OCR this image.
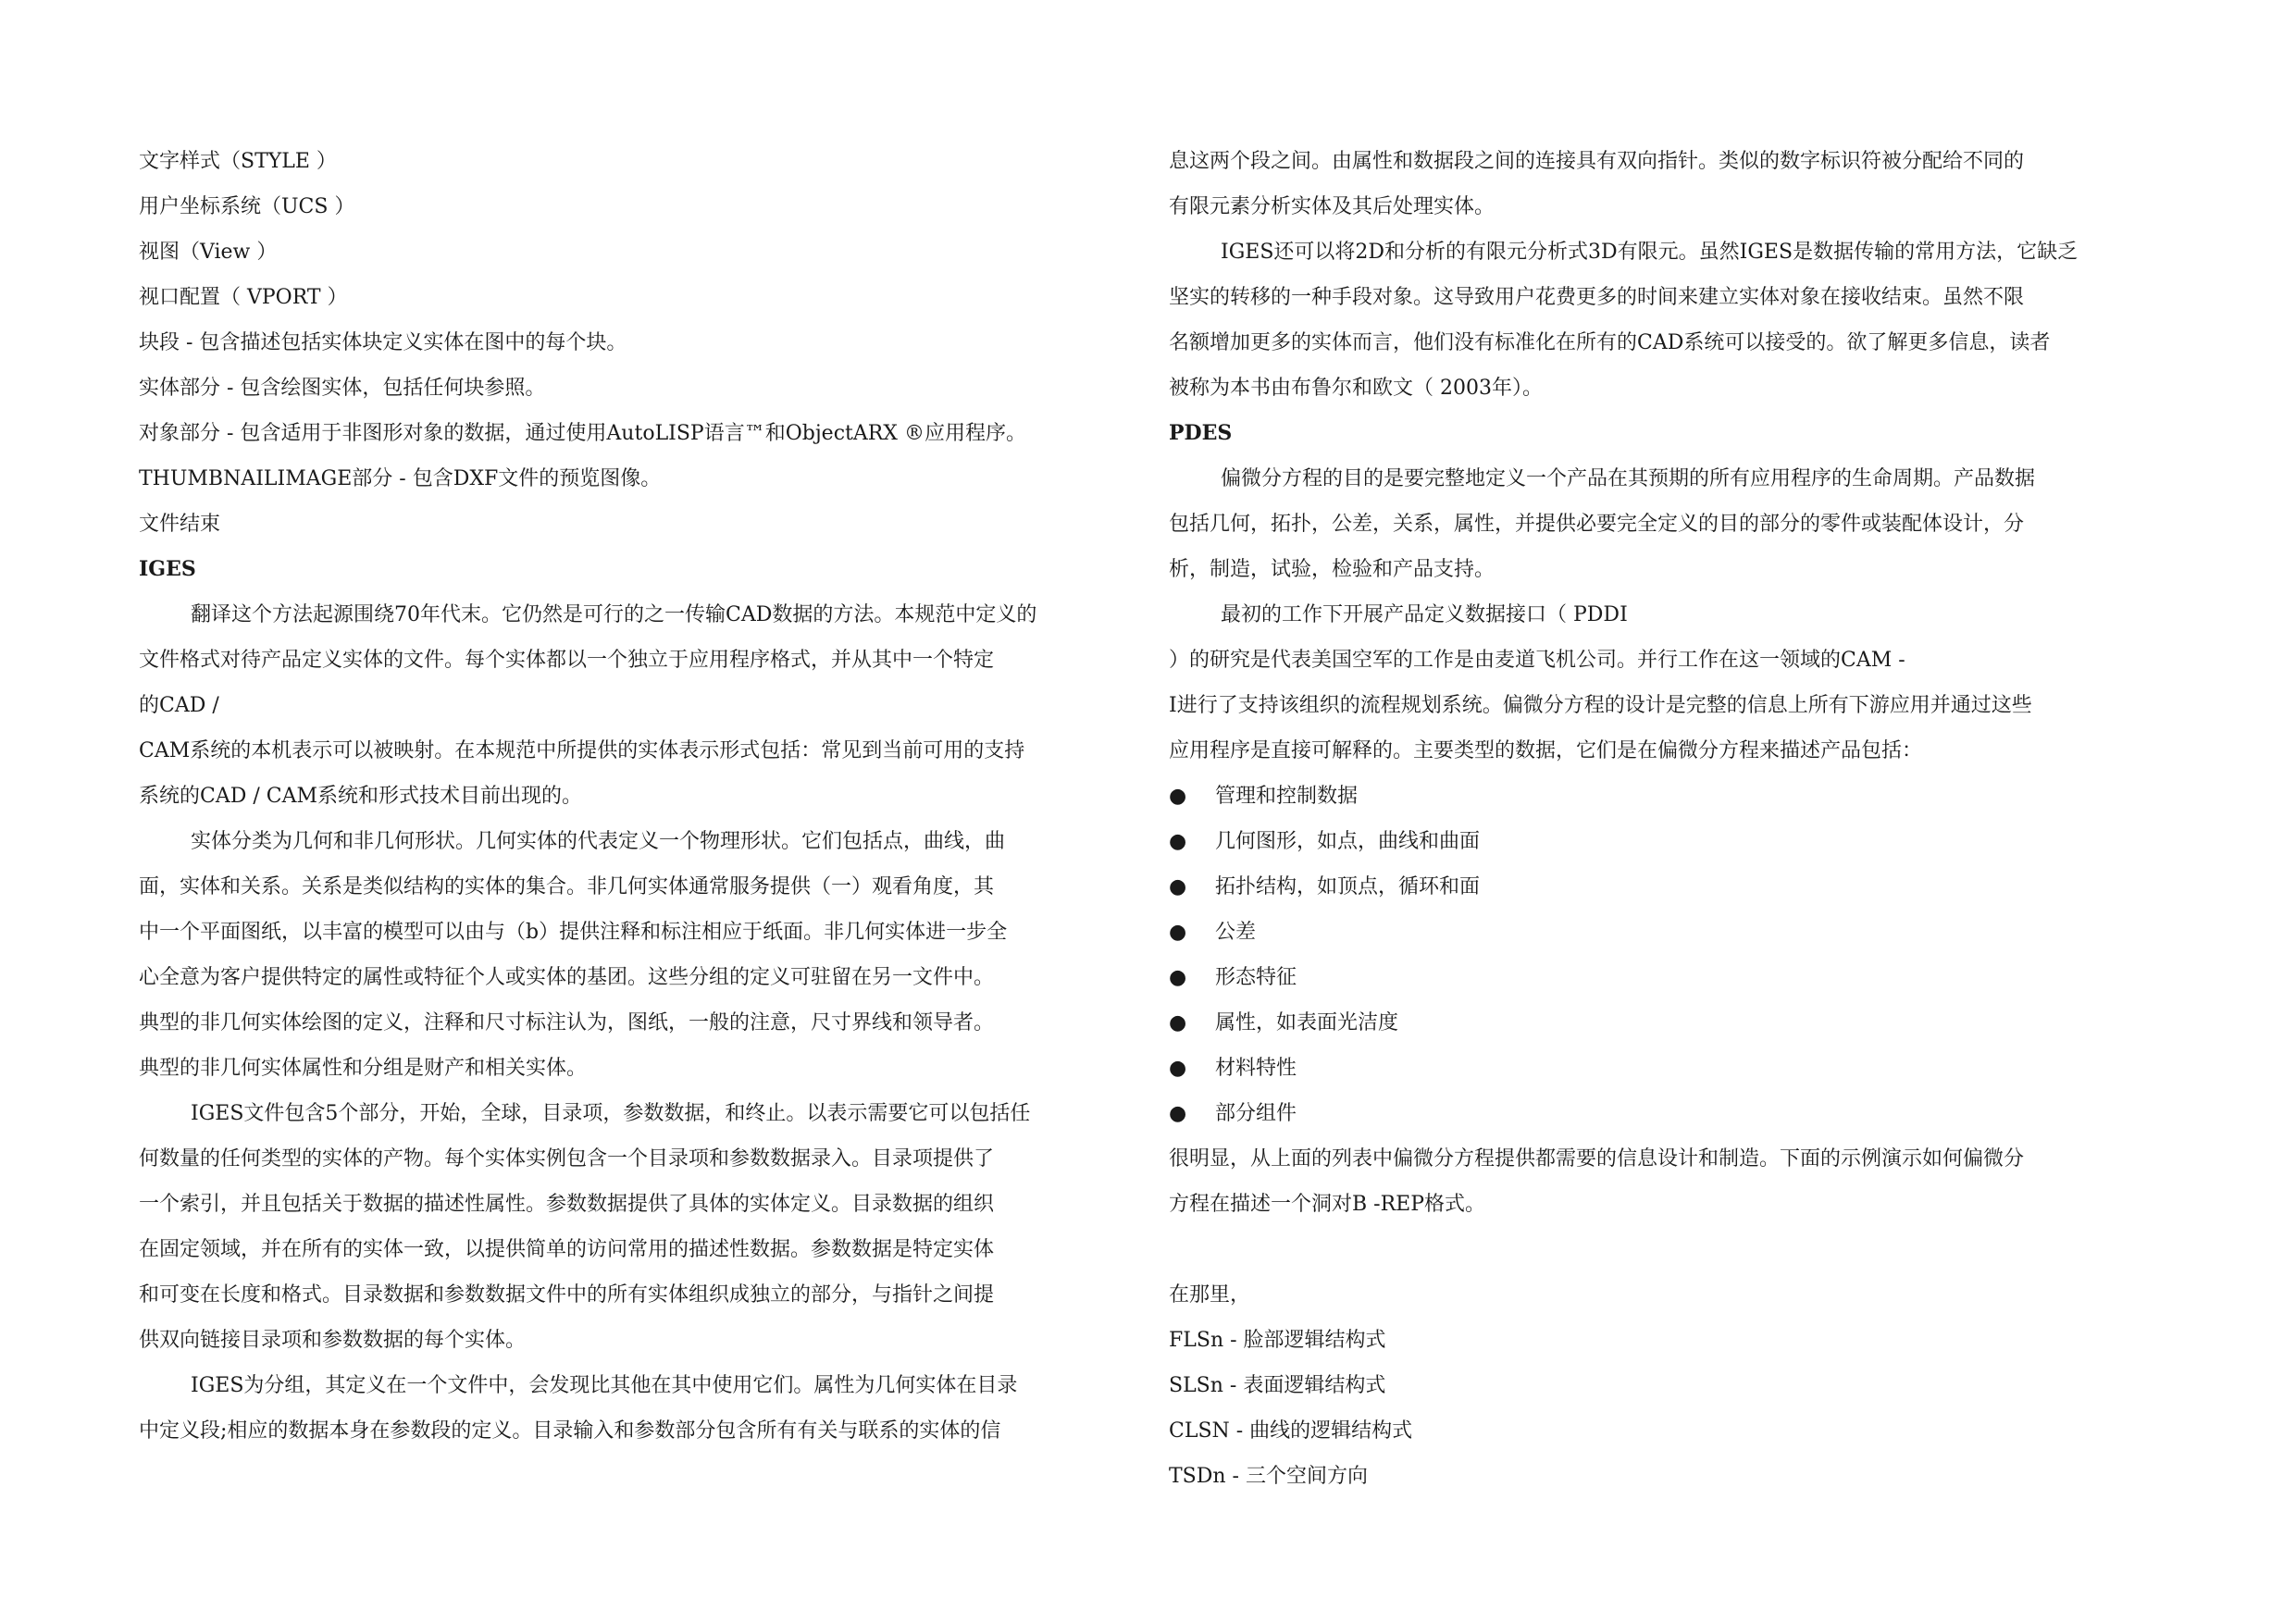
文字样式（STYLE ）
用户坐标系统（UCS ）
视图（View ）
视口配置（ VPORT ）
块段 - 包含描述包括实体块定义实体在图中的每个块。
实体部分 - 包含绘图实体，包括任何块参照。
对象部分 - 包含适用于非图形对象的数据，通过使用AutoLISP语言™和ObjectARX ®应用程序。
THUMBNAILIMAGE部分 - 包含DXF文件的预览图像。
文件结束
IGES
翻译这个方法起源围绕70年代末。它仍然是可行的之一传输CAD数据的方法。本规范中定义的
文件格式对待产品定义实体的文件。每个实体都以一个独立于应用程序格式，并从其中一个特定
的CAD /
CAM系统的本机表示可以被映射。在本规范中所提供的实体表示形式包括：常见到当前可用的支持
系统的CAD / CAM系统和形式技术目前出现的。
实体分类为几何和非几何形状。几何实体的代表定义一个物理形状。它们包括点，曲线，曲
面，实体和关系。关系是类似结构的实体的集合。非几何实体通常服务提供（一）观看角度，其
中一个平面图纸，以丰富的模型可以由与（b）提供注释和标注相应于纸面。非几何实体进一步全
心全意为客户提供特定的属性或特征个人或实体的基团。这些分组的定义可驻留在另一文件中。
典型的非几何实体绘图的定义，注释和尺寸标注认为，图纸，一般的注意，尺寸界线和领导者。
典型的非几何实体属性和分组是财产和相关实体。
IGES文件包含5个部分，开始，全球，目录项，参数数据，和终止。以表示需要它可以包括任
何数量的任何类型的实体的产物。每个实体实例包含一个目录项和参数数据录入。目录项提供了
一个索引，并且包括关于数据的描述性属性。参数数据提供了具体的实体定义。目录数据的组织
在固定领域，并在所有的实体一致，以提供简单的访问常用的描述性数据。参数数据是特定实体
和可变在长度和格式。目录数据和参数数据文件中的所有实体组织成独立的部分，与指针之间提
供双向链接目录项和参数数据的每个实体。
IGES为分组，其定义在一个文件中，会发现比其他在其中使用它们。属性为几何实体在目录
中定义段;相应的数据本身在参数段的定义。目录输入和参数部分包含所有有关与联系的实体的信
息这两个段之间。由属性和数据段之间的连接具有双向指针。类似的数字标识符被分配给不同的
有限元素分析实体及其后处理实体。
IGES还可以将2D和分析的有限元分析式3D有限元。虽然IGES是数据传输的常用方法，它缺乏
坚实的转移的一种手段对象。这导致用户花费更多的时间来建立实体对象在接收结束。虽然不限
名额增加更多的实体而言，他们没有标准化在所有的CAD系统可以接受的。欲了解更多信息，读者
被称为本书由布鲁尔和欧文（ 2003年）。
PDES
偏微分方程的目的是要完整地定义一个产品在其预期的所有应用程序的生命周期。产品数据
包括几何，拓扑，公差，关系，属性，并提供必要完全定义的目的部分的零件或装配体设计，分
析，制造，试验，检验和产品支持。
最初的工作下开展产品定义数据接口（ PDDI
）的研究是代表美国空军的工作是由麦道飞机公司。并行工作在这一领域的CAM -
I进行了支持该组织的流程规划系统。偏微分方程的设计是完整的信息上所有下游应用并通过这些
应用程序是直接可解释的。主要类型的数据，它们是在偏微分方程来描述产品包括：
● 管理和控制数据
● 几何图形，如点，曲线和曲面
● 拓扑结构，如顶点，循环和面
● 公差
● 形态特征
● 属性，如表面光洁度
● 材料特性
● 部分组件
很明显，从上面的列表中偏微分方程提供都需要的信息设计和制造。下面的示例演示如何偏微分
方程在描述一个洞对B -REP格式。
在那里，
FLSn - 脸部逻辑结构式
SLSn - 表面逻辑结构式
CLSN - 曲线的逻辑结构式
TSDn - 三个空间方向
